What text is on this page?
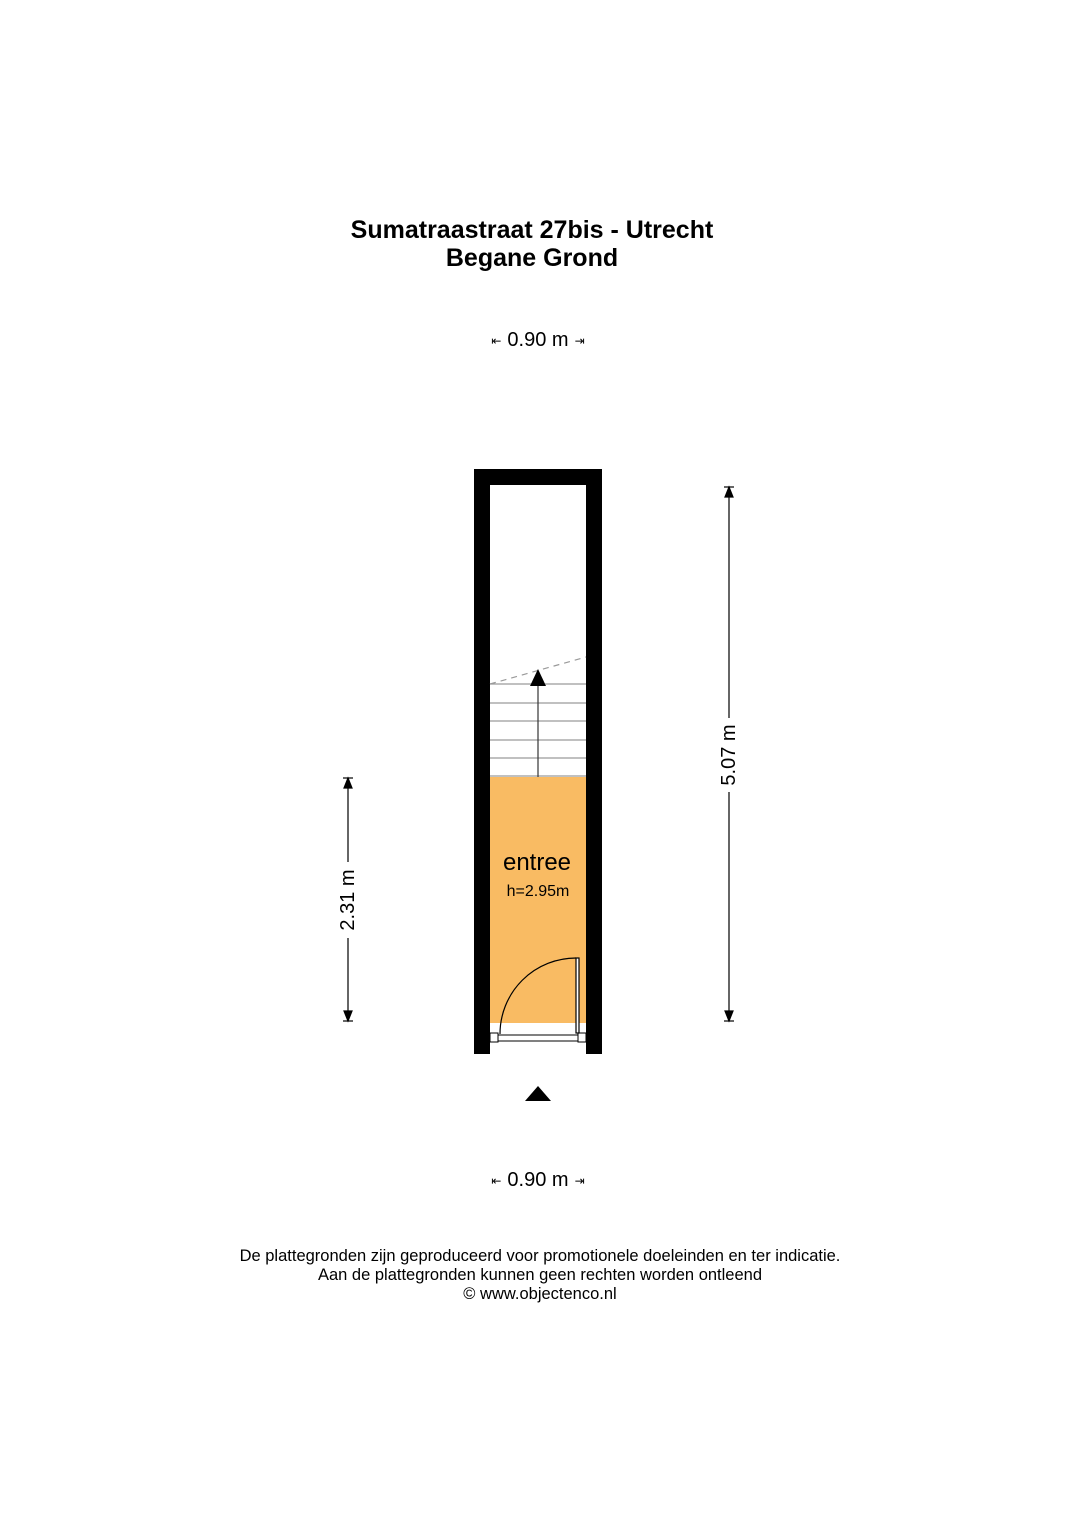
Sumatraastraat 27bis - Utrecht
Begane Grond
⇤ 0.90 m ⇥
entree
h=2.95m
5.07 m
2.31 m
⇤ 0.90 m ⇥
De plattegronden zijn geproduceerd voor promotionele doeleinden en ter indicatie.
Aan de plattegronden kunnen geen rechten worden ontleend
© www.objectenco.nl
